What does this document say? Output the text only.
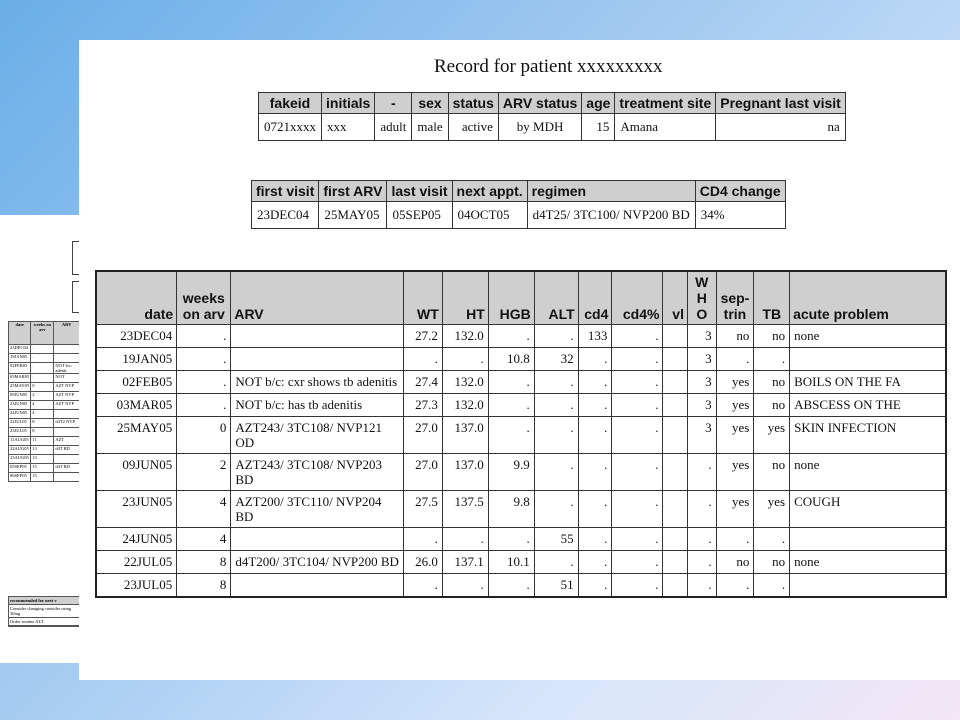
date	weeks on arv	ARV
23DEC04	.	
19JAN05	.	
02FEB05	.	NOT b/c: adenit
03MAR05	.	NOT
25MAY05	0	AZT NVP
09JUN05	2	AZT NVP
23JUN05	4	AZT NVP
24JUN05	4	
22JUL05	8	d4T2 NVP
23JUL05	8	
11AUG05	11	AZT
22AUG05	13	d4T BD
23AUG05	13	
05SEP05	15	d4T BD
06SEP05	15	
recommended for next v
Consider changing consider using 30mg
Order routine ALT
Record for patient xxxxxxxxx
fakeid	initials	-	sex	status	ARV status	age	treatment site	Pregnant last visit
0721xxxx	xxx	adult	male	active	by MDH	15	Amana	na
first visit	first ARV	last visit	next appt.	regimen	CD4 change
23DEC04	25MAY05	05SEP05	04OCT05	d4T25/ 3TC100/ NVP200 BD	34%
date	weeks on arv	ARV	WT	HT	HGB	ALT	cd4	cd4%	vl	W H O	sep-trin	TB	acute problem
23DEC04	.		27.2	132.0	.	.	133	.		3	no	no	none
19JAN05	.		.	.	10.8	32	.	.		3	.	.	
02FEB05	.	NOT b/c: cxr shows tb adenitis	27.4	132.0	.	.	.	.		3	yes	no	BOILS ON THE FA
03MAR05	.	NOT b/c: has tb adenitis	27.3	132.0	.	.	.	.		3	yes	no	ABSCESS ON THE
25MAY05	0	AZT243/ 3TC108/ NVP121 OD	27.0	137.0	.	.	.	.		3	yes	yes	SKIN INFECTION
09JUN05	2	AZT243/ 3TC108/ NVP203 BD	27.0	137.0	9.9	.	.	.		.	yes	no	none
23JUN05	4	AZT200/ 3TC110/ NVP204 BD	27.5	137.5	9.8	.	.	.		.	yes	yes	COUGH
24JUN05	4		.	.	.	55	.	.		.	.	.	
22JUL05	8	d4T200/ 3TC104/ NVP200 BD	26.0	137.1	10.1	.	.	.		.	no	no	none
23JUL05	8		.	.	.	51	.	.		.	.	.	
